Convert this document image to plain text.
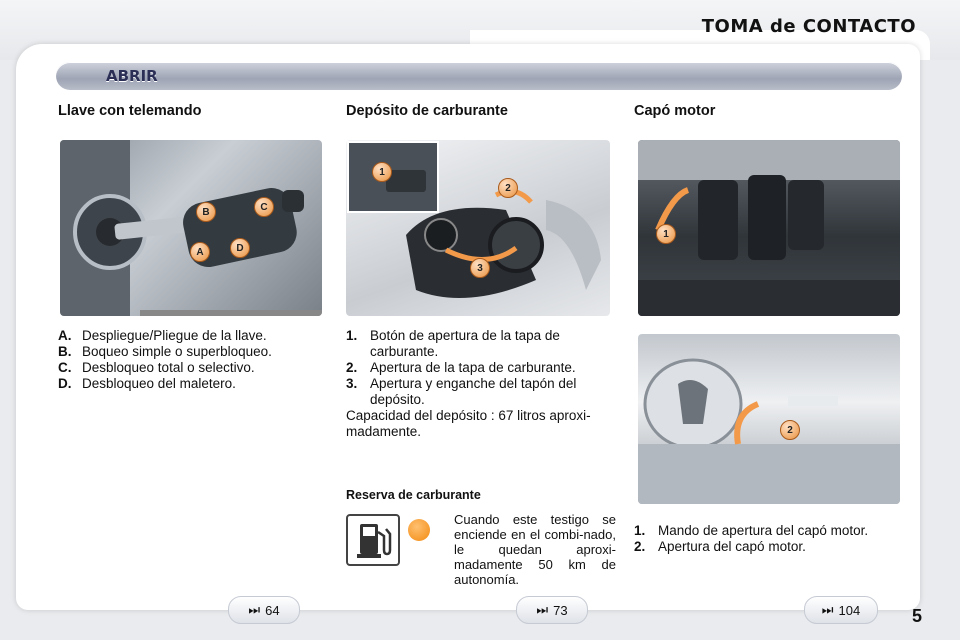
TOMA de CONTACTO
ABRIR
Llave con telemando
B	C
A	D
A. Despliegue/Pliegue de la llave.
B. Boqueo simple o superbloqueo.
C. Desbloqueo total o selectivo.
D. Desbloqueo del maletero.
Depósito de carburante
1
2
3
1. Botón de apertura de la tapa de carburante.
2. Apertura de la tapa de carburante.
3. Apertura y enganche del tapón del depósito.
Capacidad del depósito : 67 litros aproxi-madamente.
Reserva de carburante
Cuando este testigo se enciende en el combi-nado, le quedan aproxi-madamente 50 km de autonomía.
Capó motor
1
2
1. Mando de apertura del capó motor.
2. Apertura del capó motor.
⏭ 64	⏭ 73	⏭ 104	5
